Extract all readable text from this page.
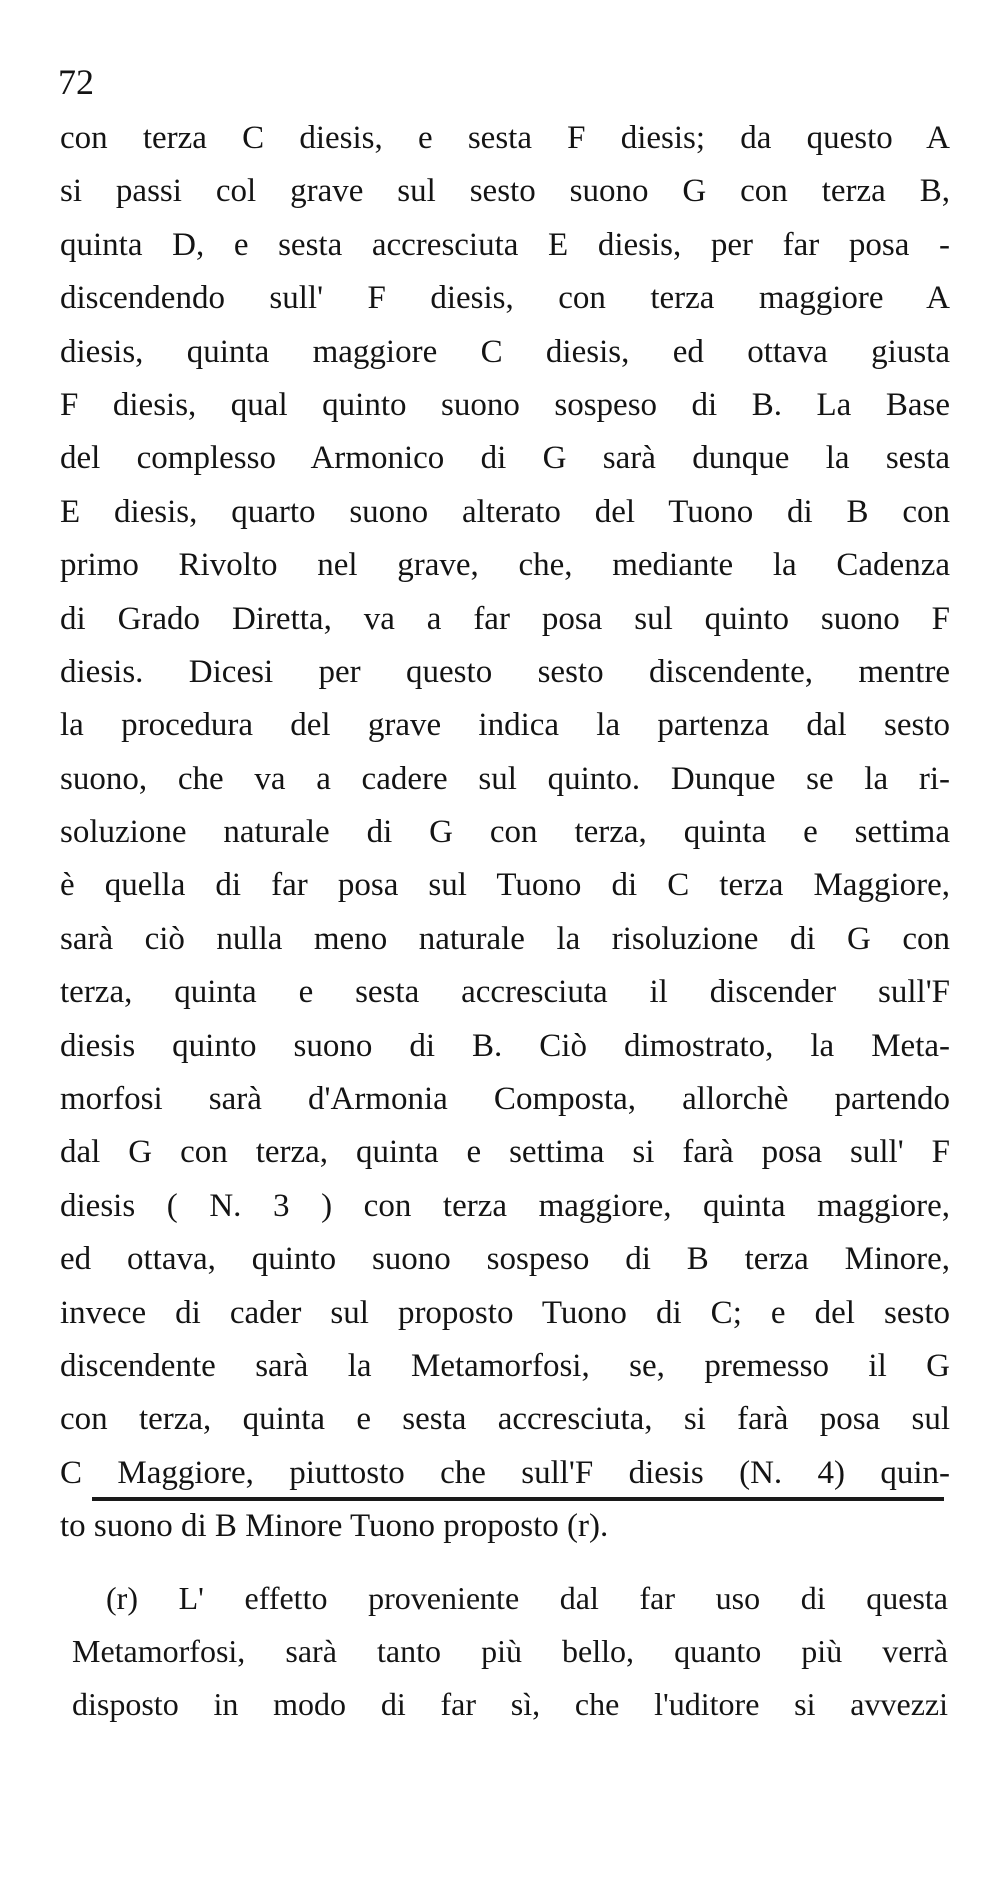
72
con terza C diesis, e sesta F diesis; da questo A
si passi col grave sul sesto suono G con terza B,
quinta D, e sesta accresciuta E diesis, per far posa -
discendendo sull' F diesis, con terza maggiore A
diesis, quinta maggiore C diesis, ed ottava giusta
F diesis, qual quinto suono sospeso di B. La Base
del complesso Armonico di G sarà dunque la sesta
E diesis, quarto suono alterato del Tuono di B con
primo Rivolto nel grave, che, mediante la Cadenza
di Grado Diretta, va a far posa sul quinto suono F
diesis. Dicesi per questo sesto discendente, mentre
la procedura del grave indica la partenza dal sesto
suono, che va a cadere sul quinto. Dunque se la ri-
soluzione naturale di G con terza, quinta e settima
è quella di far posa sul Tuono di C terza Maggiore,
sarà ciò nulla meno naturale la risoluzione di G con
terza, quinta e sesta accresciuta il discender sull'F
diesis quinto suono di B. Ciò dimostrato, la Meta-
morfosi sarà d'Armonia Composta, allorchè partendo
dal G con terza, quinta e settima si farà posa sull' F
diesis ( N. 3 ) con terza maggiore, quinta maggiore,
ed ottava, quinto suono sospeso di B terza Minore,
invece di cader sul proposto Tuono di C; e del sesto
discendente sarà la Metamorfosi, se, premesso il G
con terza, quinta e sesta accresciuta, si farà posa sul
C Maggiore, piuttosto che sull'F diesis (N. 4) quin-
to suono di B Minore Tuono proposto (r).
(r) L' effetto proveniente dal far uso di questa
Metamorfosi, sarà tanto più bello, quanto più verrà
disposto in modo di far sì, che l'uditore si avvezzi
